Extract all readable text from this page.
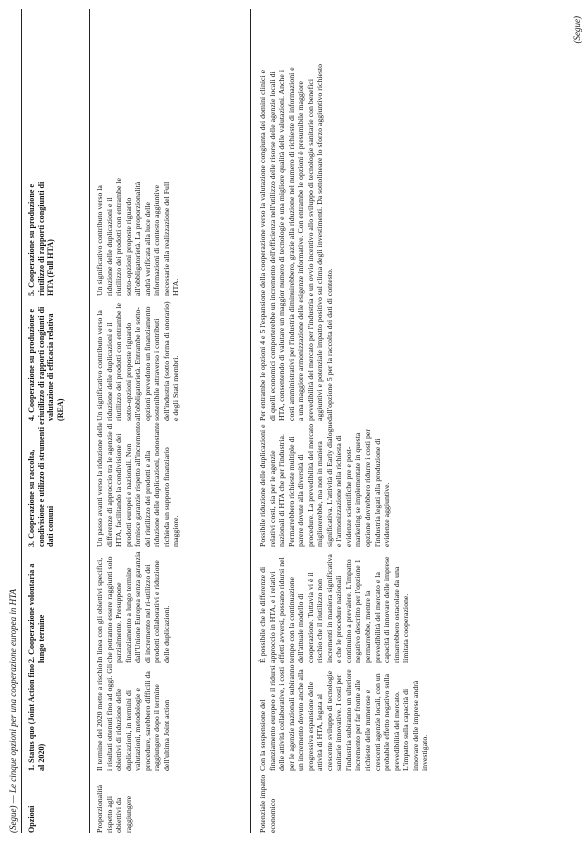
(Segue) — Le cinque opzioni per una cooperazione europea in HTA Opzioni
1. Status quo (Joint Action fino al 2020)
2. Cooperazione volontaria a lungo termine
3. Cooperazione su raccolta, condivisione e utilizzo di strumenti e dati comuni
4. Cooperazione su produzione e riutilizzo di rapporti congiunti di valutazione di efficacia relativa (REA)
5. Cooperazione su produzione e riutilizzo di rapporti congiunti di HTA (Full HTA)
Proporzionalità rispetto agli obiettivi da raggiungere
Il termine del 2020 mette a rischio i risultati ottenuti fino ad oggi. Gli obiettivi di riduzione delle duplicazioni, in termini di valutazioni, metodologie e procedure, sarebbero difficili da raggiungere dopo il termine dell'ultima Joint action
In linea con gli obiettivi specifici, che potranno essere raggiunti solo parzialmente. Presuppone finanziamento a lungo termine dall'Unione Europea senza garanzia di incremento nel ri-utilizzo dei prodotti collaborativi e riduzione delle duplicazioni.
Un passo avanti verso la riduzione delle differenze di approccio tra le agenzie di HTA, facilitando la condivisione dei prodotti europei e nazionali. Non fornisce garanzie rispetto all'incremento del riutilizzo dei prodotti e alla riduzione delle duplicazioni, nonostante richieda un supporto finanziario maggiore.
Un significativo contributo verso la riduzione delle duplicazioni e il riutilizzo dei prodotti con entrambe le sotto-opzioni proposte riguardo all'obbligatorietà. Entrambe le sotto-opzioni prevedono un finanziamento sostenibile attraverso i contributi dell'industria (sotto forma di onorario) e degli Stati membri.
Un significativo contributo verso la riduzione delle duplicazioni e il riutilizzo dei prodotti con entrambe le sotto-opzioni proposte riguardo all'obbligatorietà. La proporzionalità andrà verificata alla luce delle informazioni di contesto aggiuntive necessarie alla realizzazione del Full HTA.
Potenziale impatto economico
Con la sospensione del finanziamento europeo e il ridursi delle attività collaborative, i costi per le agenzie nazionali subiranno un incremento dovuto anche alla progressiva espansione delle attività di HTA, legata al crescente sviluppo di tecnologie sanitarie innovative. I costi per l'industria subiranno un ulteriore incremento per far fronte alle richieste delle numerose e crescenti agenzie locali, con un probabile effetto negativo sulla prevedibilità del mercato. L'impatto sulla capacità di innovare delle imprese andrà investigato.
È possibile che le differenze di approccio in HTA, e i relativi effetti avversi, possano ridursi nel tempo con la continuazione dell'attuale modello di cooperazione. Tuttavia vi è il rischio che il riutilizzo non incrementi in maniera significativa e che le procedure nazionali continuino a prevalere. L'impatto negativo descritto per l'opzione 1 permarrebbe, mentre la prevedibilità del mercato e la capacità di innovare delle imprese rimarrebbero ostacolate da una limitata cooperazione.
Possibile riduzione delle duplicazioni e relativi costi, sia per le agenzie nazionali di HTA che per l'industria. Permarrebbero richieste multiple di parere dovute alla diversità di procedure. La prevedibilità del mercato migliorerebbe, ma non in maniera significativa. L'attività di Early dialogue e l'armonizzazione nella richiesta di evidenze scientifiche pre e post-marketing se implementate in questa opzione dovrebbero ridurre i costi per l'industria legati alla produzione di evidenze aggiuntive.
Per entrambe le opzioni 4 e 5 l'espansione della cooperazione verso la valutazione congiunta dei domini clinici e di quelli economici comporterebbe un incremento dell'efficienza nell'utilizzo delle risorse delle agenzie locali di HTA, consentendo di valutare un maggior numero di tecnologie e una migliore qualità delle valutazioni. Anche i costi amministrativi per l'industria diminuirebbero, grazie alla riduzione nel numero di richieste di informazioni e a una maggiore armonizzazione delle esigenze informative. Con entrambe le opzioni è presumibile maggiore prevedibilità del mercato per l'industria e un ovvio incentivo allo sviluppo di tecnologie sanitarie con benefici aggiuntivi e potenziale impatto positivo sul clima degli investimenti. Da sottolineare lo sforzo aggiuntivo richiesto dall'opzione 5 per la raccolta dei dati di contesto.
(Segue)
